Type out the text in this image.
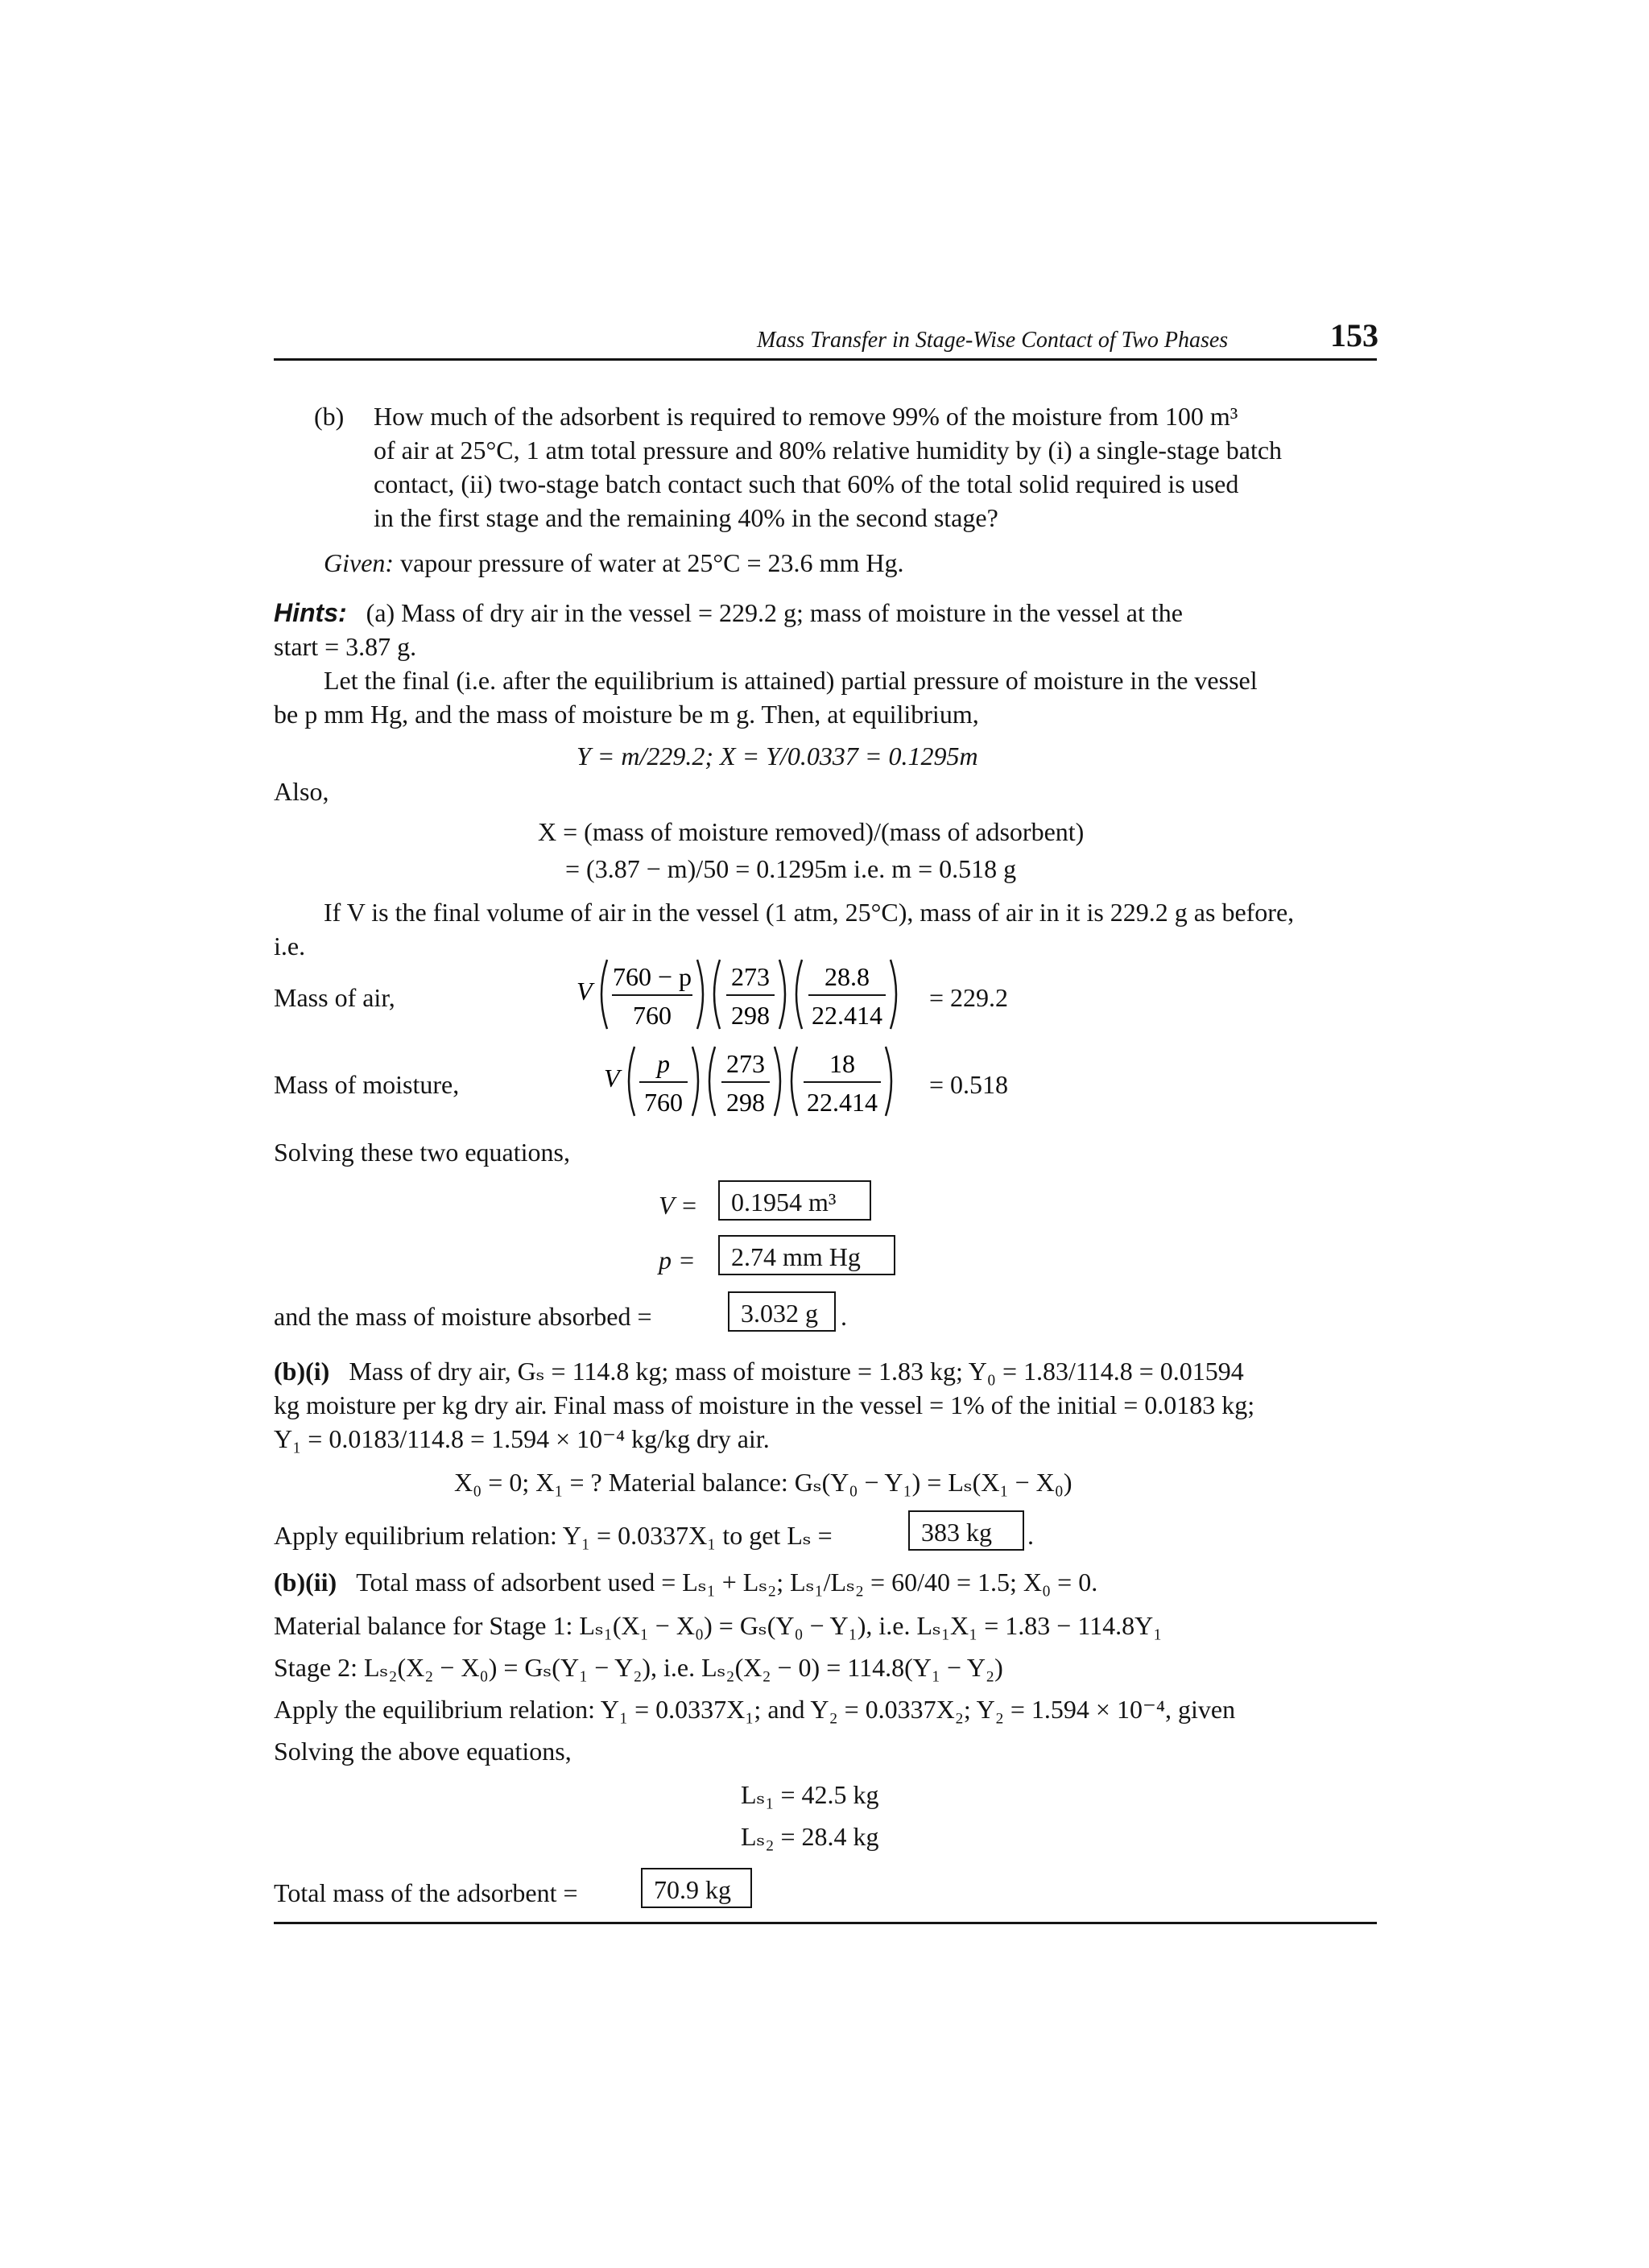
Mass Transfer in Stage-Wise Contact of Two Phases	153
(b) How much of the adsorbent is required to remove 99% of the moisture from 100 m³
of air at 25°C, 1 atm total pressure and 80% relative humidity by (i) a single-stage batch
contact, (ii) two-stage batch contact such that 60% of the total solid required is used
in the first stage and the remaining 40% in the second stage?
Given: vapour pressure of water at 25°C = 23.6 mm Hg.
Hints: (a) Mass of dry air in the vessel = 229.2 g; mass of moisture in the vessel at the
start = 3.87 g.
Let the final (i.e. after the equilibrium is attained) partial pressure of moisture in the vessel
be p mm Hg, and the mass of moisture be m g. Then, at equilibrium,
Y = m/229.2; X = Y/0.0337 = 0.1295m
Also,
X = (mass of moisture removed)/(mass of adsorbent)
= (3.87 − m)/50 = 0.1295m i.e. m = 0.518 g
If V is the final volume of air in the vessel (1 atm, 25°C), mass of air in it is 229.2 g as before,
i.e.
Mass of air,	V 760 − p
760
273
298
28.8
22.414
= 229.2
Mass of moisture,	V p
760
273
298
18
22.414
= 0.518
Solving these two equations,
V =	0.1954 m³
p =	2.74 mm Hg
and the mass of moisture absorbed =	3.032 g .
(b)(i) Mass of dry air, Gₛ = 114.8 kg; mass of moisture = 1.83 kg; Y₀ = 1.83/114.8 = 0.01594
kg moisture per kg dry air. Final mass of moisture in the vessel = 1% of the initial = 0.0183 kg;
Y₁ = 0.0183/114.8 = 1.594 × 10⁻⁴ kg/kg dry air.
X₀ = 0; X₁ = ? Material balance: Gₛ(Y₀ − Y₁) = Lₛ(X₁ − X₀)
Apply equilibrium relation: Y₁ = 0.0337X₁ to get Lₛ =	383 kg	.
(b)(ii) Total mass of adsorbent used = Lₛ₁ + Lₛ₂; Lₛ₁/Lₛ₂ = 60/40 = 1.5; X₀ = 0.
Material balance for Stage 1: Lₛ₁(X₁ − X₀) = Gₛ(Y₀ − Y₁), i.e. Lₛ₁X₁ = 1.83 − 114.8Y₁
Stage 2: Lₛ₂(X₂ − X₀) = Gₛ(Y₁ − Y₂), i.e. Lₛ₂(X₂ − 0) = 114.8(Y₁ − Y₂)
Apply the equilibrium relation: Y₁ = 0.0337X₁; and Y₂ = 0.0337X₂; Y₂ = 1.594 × 10⁻⁴, given
Solving the above equations,
Lₛ₁ = 42.5 kg
Lₛ₂ = 28.4 kg
Total mass of the adsorbent =	70.9 kg
